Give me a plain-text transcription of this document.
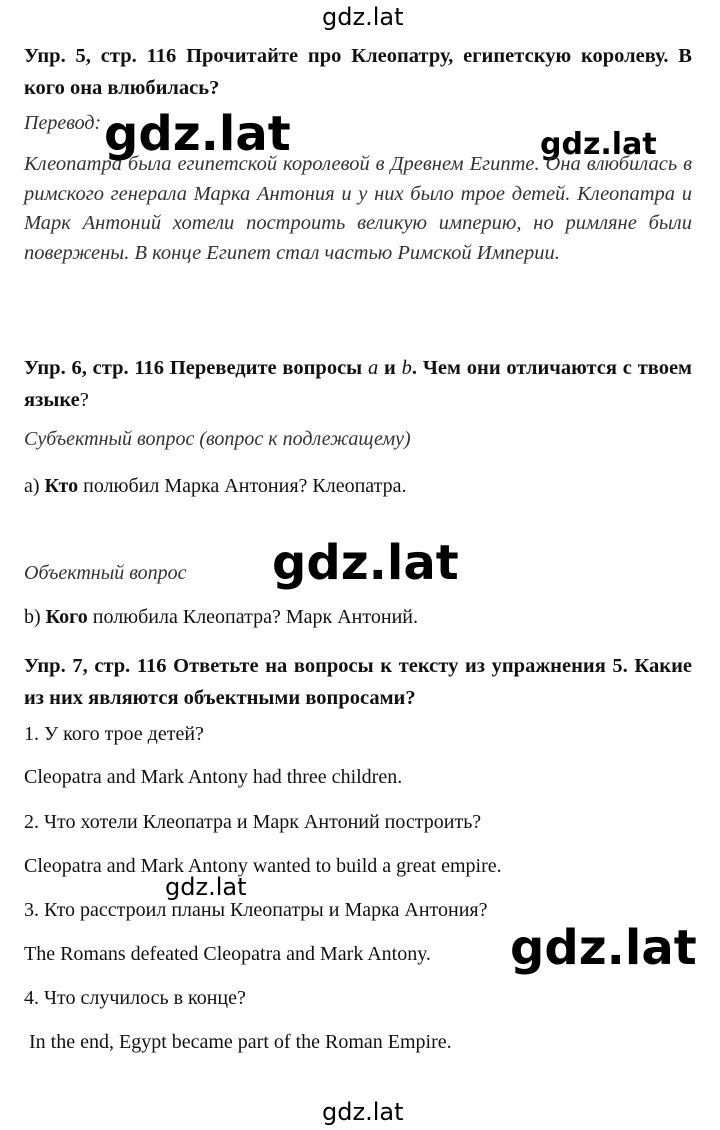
gdz.lat
gdz.lat	gdz.lat
gdz.lat
gdz.lat
gdz.lat
gdz.lat
Упр. 5, стр. 116 Прочитайте про Клеопатру, египетскую королеву. В кого она влюбилась?
Перевод:
Клеопатра была египетской королевой в Древнем Египте. Она влюбилась в римского генерала Марка Антония и у них было трое детей. Клеопатра и Марк Антоний хотели построить великую империю, но римляне были повержены. В конце Египет стал частью Римской Империи.
Упр. 6, стр. 116 Переведите вопросы a и b. Чем они отличаются с твоем языке?
Субъектный вопрос (вопрос к подлежащему)
а) Кто полюбил Марка Антония? Клеопатра.
Объектный вопрос
b) Кого полюбила Клеопатра? Марк Антоний.
Упр. 7, стр. 116 Ответьте на вопросы к тексту из упражнения 5. Какие из них являются объектными вопросами?
1. У кого трое детей?
Cleopatra and Mark Antony had three children.
2. Что хотели Клеопатра и Марк Антоний построить?
Cleopatra and Mark Antony wanted to build a great empire.
3. Кто расстроил планы Клеопатры и Марка Антония?
The Romans defeated Cleopatra and Mark Antony.
4. Что случилось в конце?
In the end, Egypt became part of the Roman Empire.
